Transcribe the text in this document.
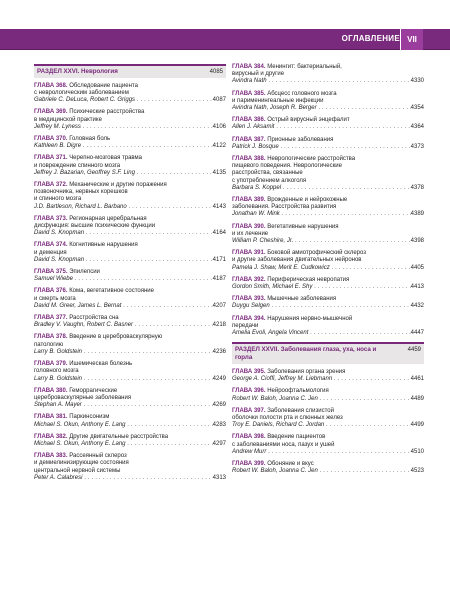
ОГЛАВЛЕНИЕ VII
РАЗДЕЛ XXVI. Неврология	4085
ГЛАВА 368. Обследование пациента
с неврологическим заболеванием
Gabriele C. DeLuca, Robert C. Griggs .....	4087
ГЛАВА 369. Психические расстройства
в медицинской практике
Jeffrey M. Lyness .....	4106
ГЛАВА 370. Головная боль
Kathleen B. Digre .....	4122
ГЛАВА 371. Черепно-мозговая травма
и повреждение спинного мозга
Jeffrey J. Bazarian, Geoffrey S.F. Ling .....	4135
ГЛАВА 372. Механические и другие поражения
позвоночника, нервных корешков
и спинного мозга
J.D. Bartleson, Richard L. Barbano .....	4143
ГЛАВА 373. Регионарная церебральная
дисфункция: высшие психические функции
David S. Knopman .....	4164
ГЛАВА 374. Когнитивные нарушения
и деменция
David S. Knopman .....	4171
ГЛАВА 375. Эпилепсии
Samuel Wiebe .....	4187
ГЛАВА 376. Кома, вегетативное состояние
и смерть мозга
David M. Greer, James L. Bernat .....	4207
ГЛАВА 377. Расстройства сна
Bradley V. Vaughn, Robert C. Basner .....	4218
ГЛАВА 378. Введение в цереброваскулярную
патологию
Larry B. Goldstein .....	4236
ГЛАВА 379. Ишемическая болезнь
головного мозга
Larry B. Goldstein .....	4249
ГЛАВА 380. Геморрагические
цереброваскулярные заболевания
Stephan A. Mayer .....	4269
ГЛАВА 381. Паркинсонизм
Michael S. Okun, Anthony E. Lang .....	4283
ГЛАВА 382. Другие двигательные расстройства
Michael S. Okun, Anthony E. Lang .....	4297
ГЛАВА 383. Рассеянный склероз
и демиелинизирующие состояния
центральной нервной системы
Peter A. Calabresi .....	4313
ГЛАВА 384. Менингит: бактериальный,
вирусный и другие
Avindra Nath .....	4330
ГЛАВА 385. Абсцесс головного мозга
и парименингеальные инфекции
Avindra Nath, Joseph R. Berger .....	4354
ГЛАВА 386. Острый вирусный энцефалит
Allen J. Aksamit .....	4364
ГЛАВА 387. Прионные заболевания
Patrick J. Bosque .....	4373
ГЛАВА 388. Неврологические расстройства
пищевого поведения. Неврологические
расстройства, связанные
с употреблением алкоголя
Barbara S. Koppel .....	4378
ГЛАВА 389. Врожденные и нейрокожные
заболевания. Расстройства развития
Jonathan W. Mink .....	4389
ГЛАВА 390. Вегетативные нарушения
и их лечение
William P. Cheshire, Jr. .....	4398
ГЛАВА 391. Боковой амиотрофический склероз
и другие заболевания двигательных нейронов
Pamela J. Shaw, Merit E. Cudkowicz .....	4405
ГЛАВА 392. Периферическая невропатия
Gordon Smith, Michael E. Shy .....	4413
ГЛАВА 393. Мышечные заболевания
Duygu Selgen .....	4432
ГЛАВА 394. Нарушения нервно-мышечной
передачи
Amelia Evoli, Angela Vincent .....	4447
РАЗДЕЛ XXVII. Заболевания глаза, уха, носа и горла
4459
ГЛАВА 395. Заболевания органа зрения
George A. Cioffi, Jeffrey M. Liebmann .....	4461
ГЛАВА 396. Нейроофтальмология
Robert W. Baloh, Joanna C. Jen .....	4489
ГЛАВА 397. Заболевания слизистой
оболочки полости рта и слюнных желез
Troy E. Daniels, Richard C. Jordan .....	4499
ГЛАВА 398. Введение пациентов
с заболеваниями носа, пазух и ушей
Andrew Murr .....	4510
ГЛАВА 399. Обоняние и вкус
Robert W. Baloh, Joanna C. Jen .....	4523
